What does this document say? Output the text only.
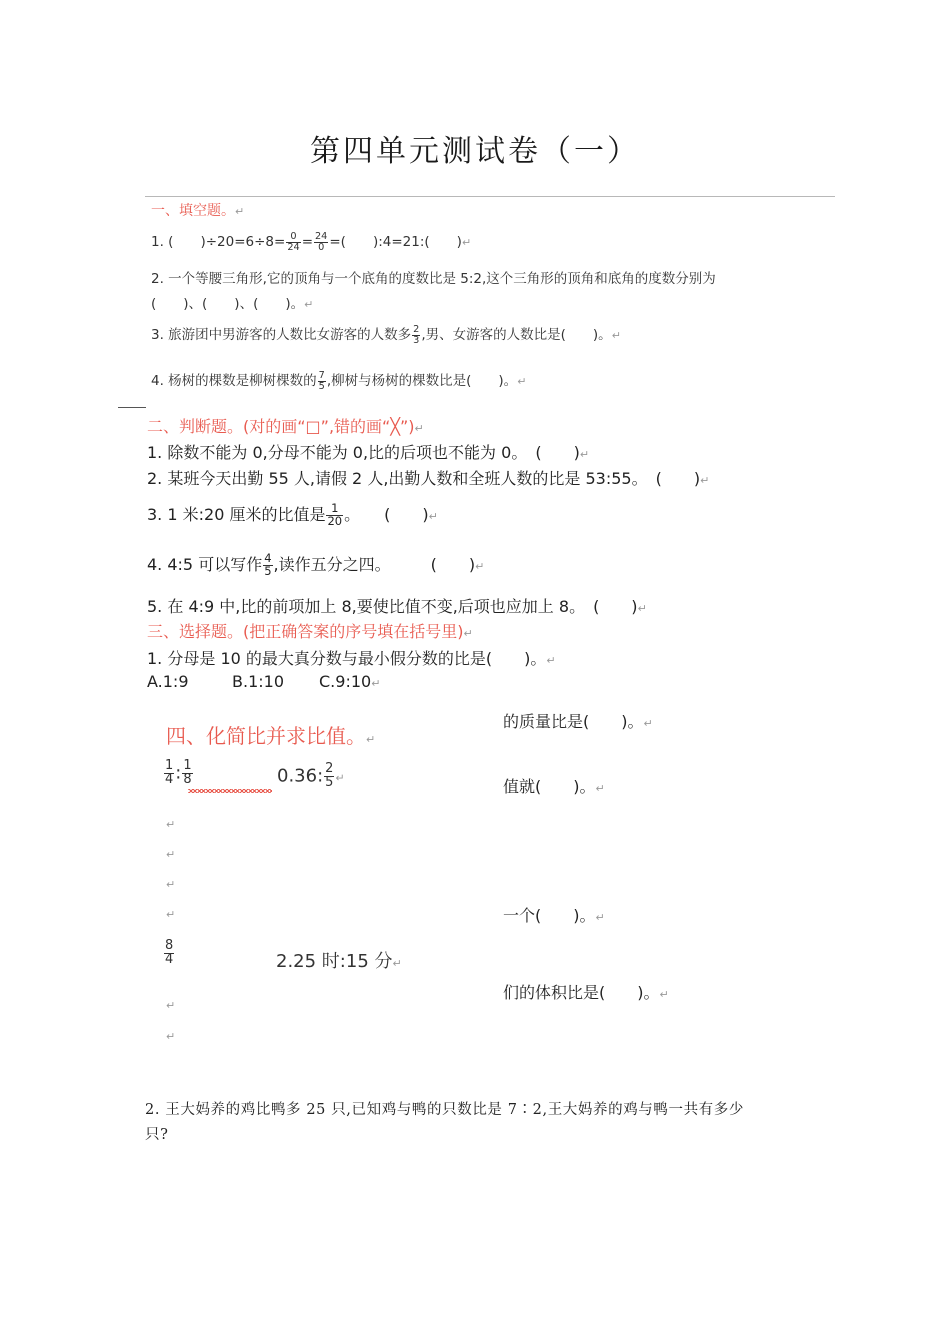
第四单元测试卷（一）
一、填空题。↵
1. (　　)$\div 20=6\div 8= \frac{0}{24} = \frac{24}{0}$ =(　　):4=21:(　　)↵
2. 一个等腰三角形,它的顶角与一个底角的度数比是 5:2,这个三角形的顶角和底角的度数分别为
(　　)、(　　)、(　　)。↵
3. 旅游团中男游客的人数比女游客的人数多 $\frac{2}{3}$ ,男、女游客的人数比是(　　)。↵
4. 杨树的棵数是柳树棵数的 $\frac{7}{5}$ ,柳树与杨树的棵数比是(　　)。↵
二、判断题。(对的画“□”,错的画“╳”)↵
1. 除数不能为 0,分母不能为 0,比的后项也不能为 0。　(　　)↵
2. 某班今天出勤 55 人,请假 2 人,出勤人数和全班人数的比是 53:55。　(　　)↵
3. 1 米:20 厘米的比值是 $\frac{1}{20}$ 。　　(　　)↵
4. 4:5 可以写作 $\frac{4}{5}$ ,读作五分之四。　　　(　　)↵
5. 在 4:9 中,比的前项加上 8,要使比值不变,后项也应加上 8。　(　　)↵
三、选择题。(把正确答案的序号填在括号里)↵
1. 分母是 10 的最大真分数与最小假分数的比是(　　)。↵
A.1:9	B.1:10 C.9:10↵
的质量比是(　　)。↵
值就(　　)。↵
一个(　　)。↵
们的体积比是(　　)。↵
四、化简比并求比值。↵
$\frac{1}{4}$ : $\frac{1}{8}$	0.36: $\frac{2}{5}$ ↵
↵
↵
↵
↵
$\frac{8}{4}$	2.25 时:15 分↵
↵
↵
2. 王大妈养的鸡比鸭多 25 只,已知鸡与鸭的只数比是 7∶2,王大妈养的鸡与鸭一共有多少
只?
